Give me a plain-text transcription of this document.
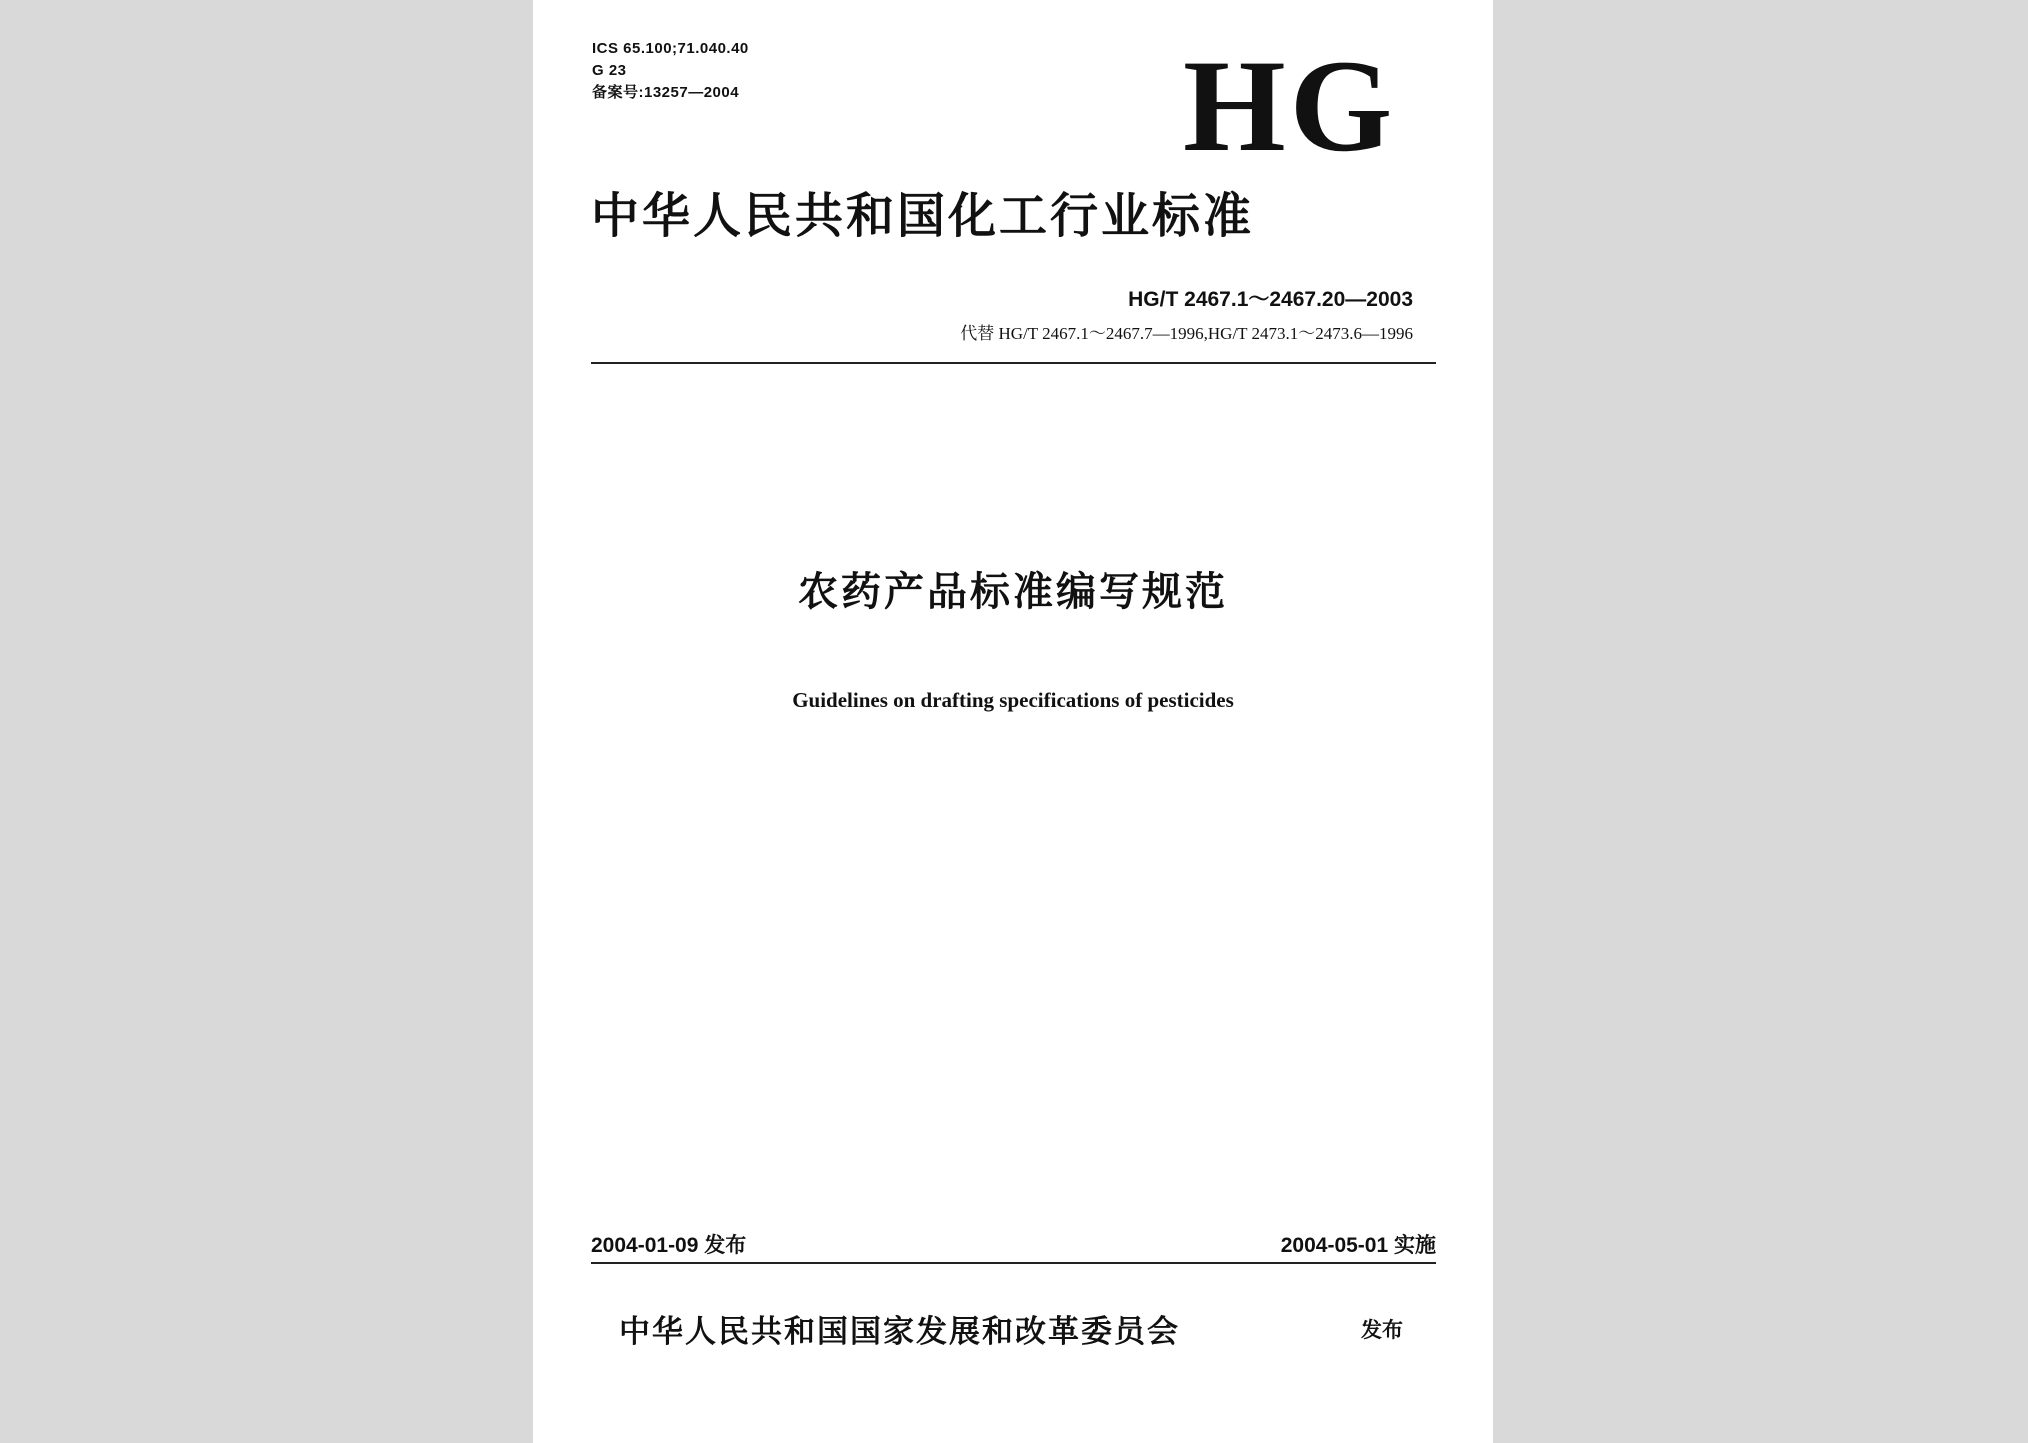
ICS 65.100;71.040.40
G 23
备案号:13257—2004	HG
中华人民共和国化工行业标准
HG/T 2467.1～2467.20—2003
代替 HG/T 2467.1～2467.7—1996,HG/T 2473.1～2473.6—1996
农药产品标准编写规范
Guidelines on drafting specifications of pesticides
2004-01-09 发布	2004-05-01 实施
中华人民共和国国家发展和改革委员会	发布
